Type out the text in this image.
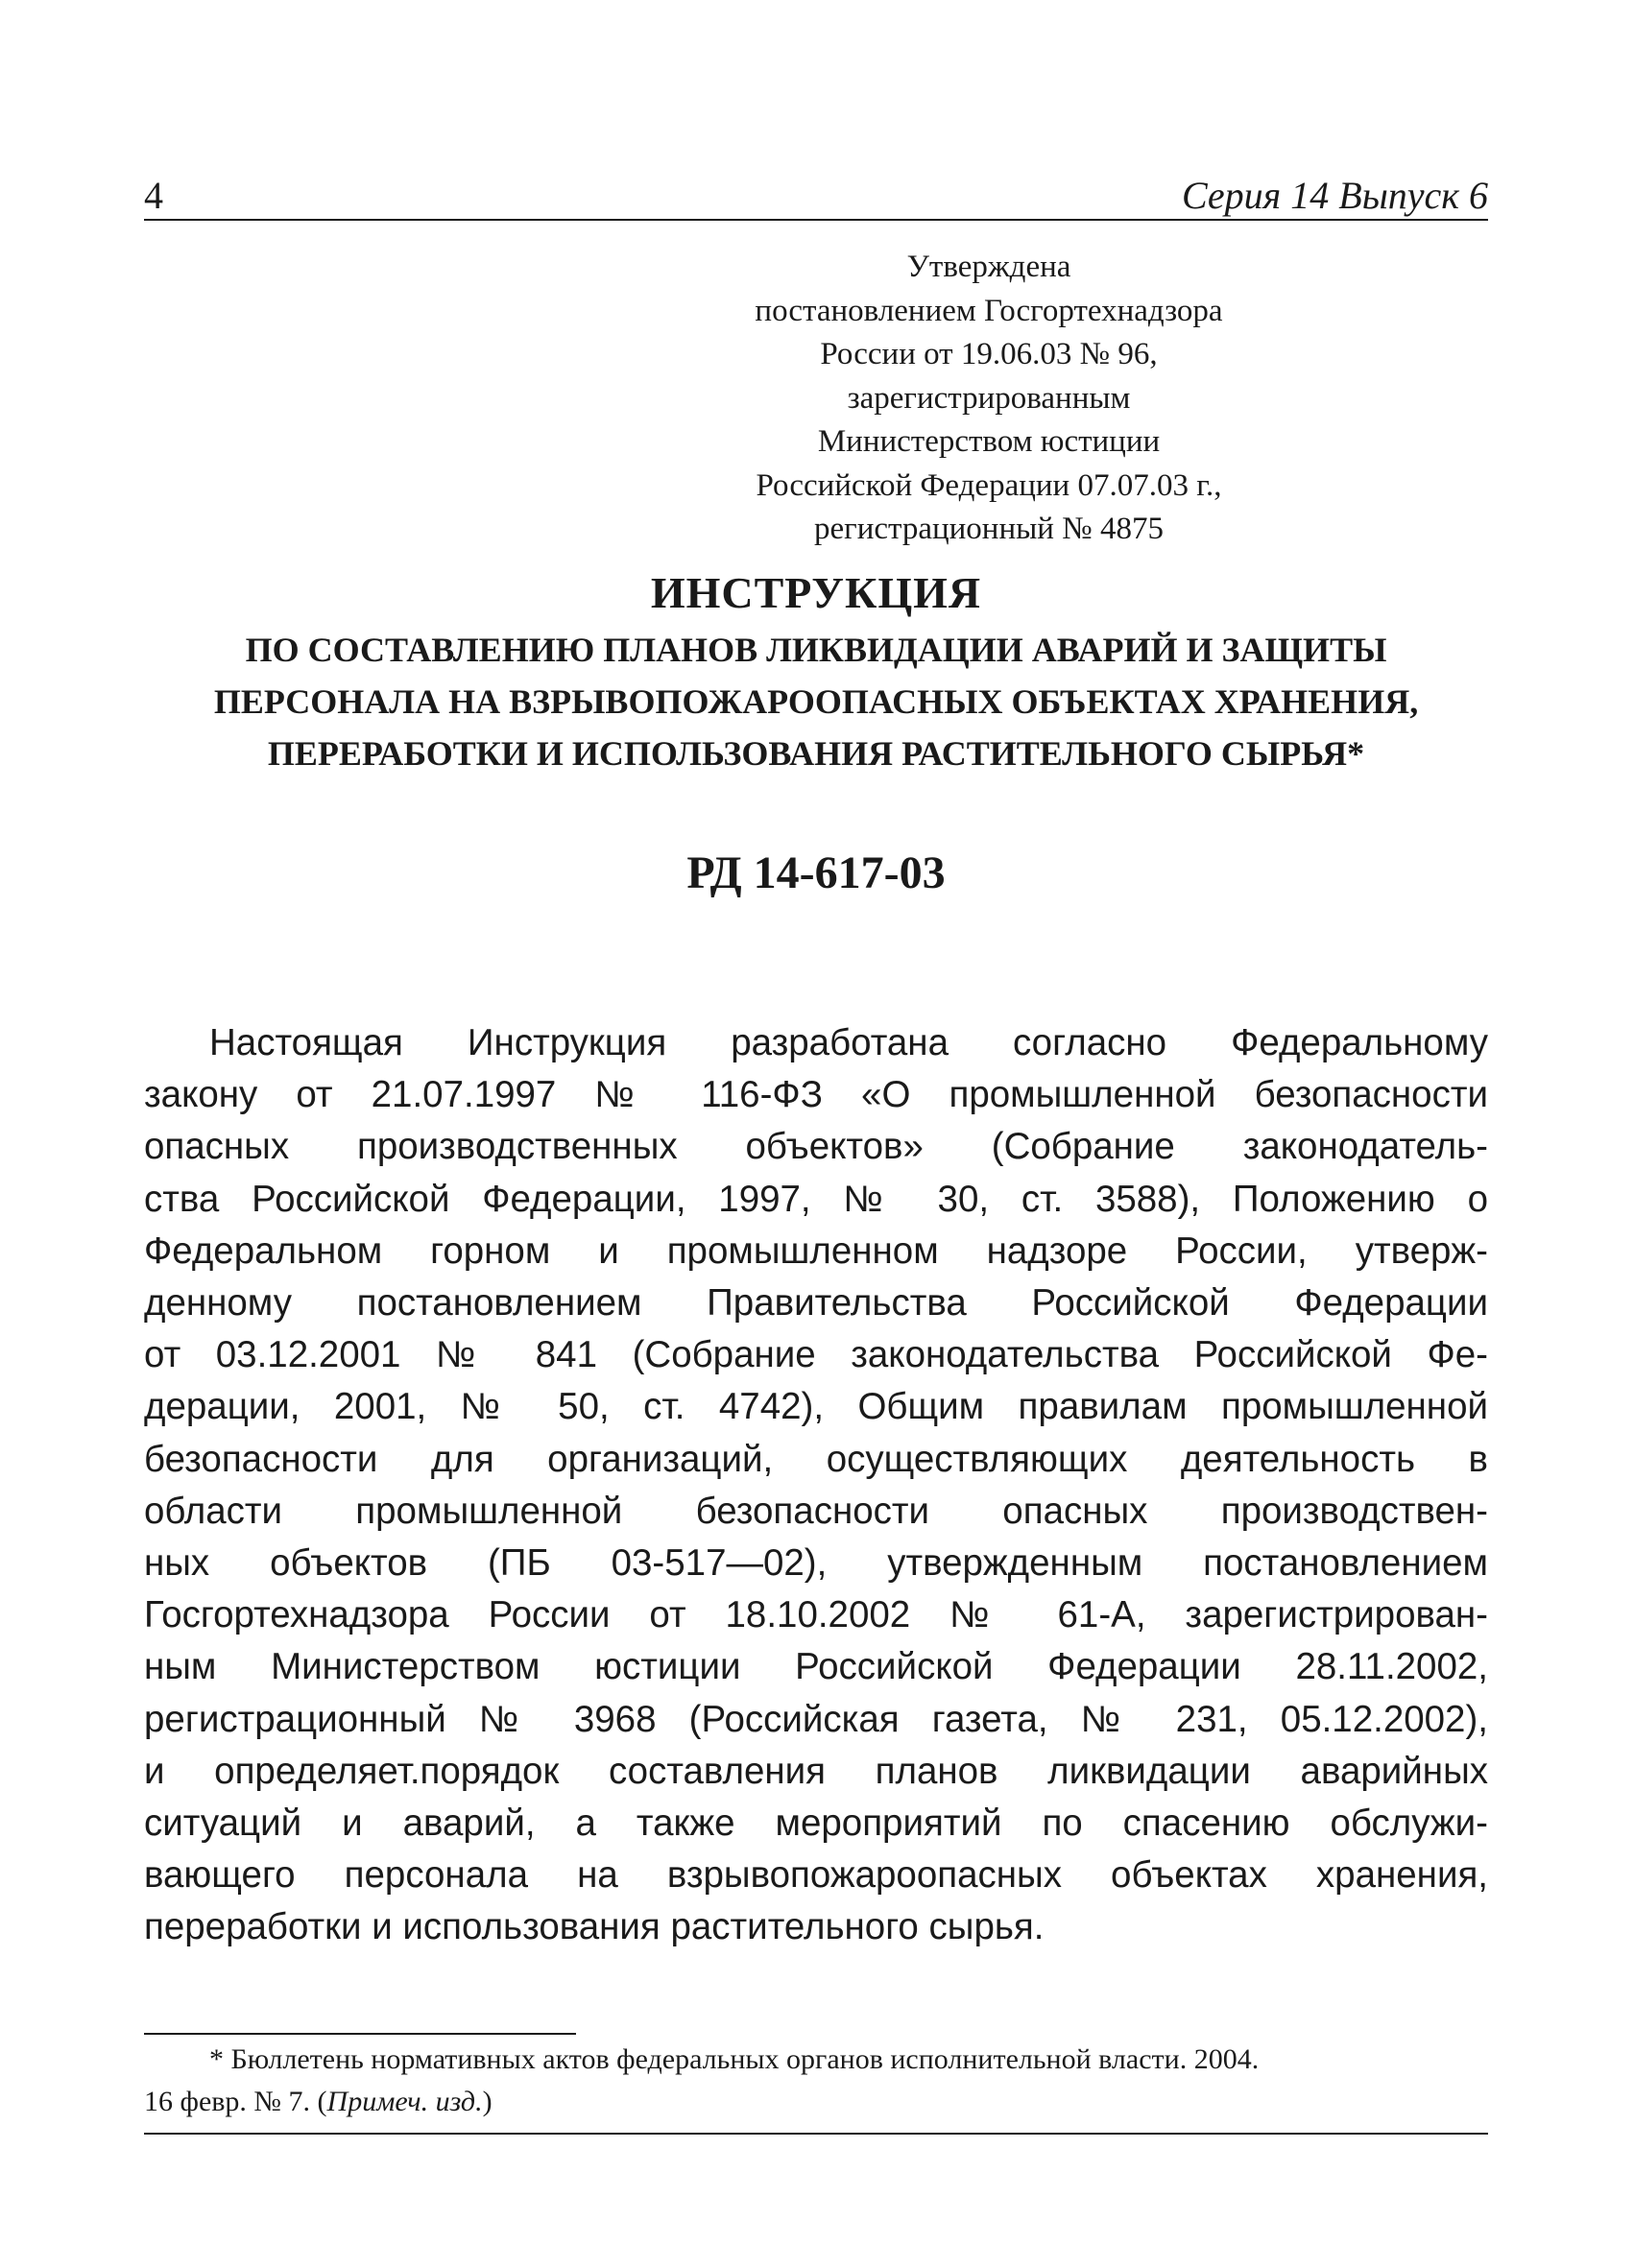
4	Серия 14 Выпуск 6
Утверждена
постановлением Госгортехнадзора
России от 19.06.03 № 96,
зарегистрированным
Министерством юстиции
Российской Федерации 07.07.03 г.,
регистрационный № 4875
ИНСТРУКЦИЯ
ПО СОСТАВЛЕНИЮ ПЛАНОВ ЛИКВИДАЦИИ АВАРИЙ И ЗАЩИТЫ
ПЕРСОНАЛА НА ВЗРЫВОПОЖАРООПАСНЫХ ОБЪЕКТАХ ХРАНЕНИЯ,
ПЕРЕРАБОТКИ И ИСПОЛЬЗОВАНИЯ РАСТИТЕЛЬНОГО СЫРЬЯ*
РД 14-617-03
Настоящая Инструкция разработана согласно Федеральному
закону от 21.07.1997 № 116-ФЗ «О промышленной безопасности
опасных производственных объектов» (Собрание законодатель-
ства Российской Федерации, 1997, № 30, ст. 3588), Положению о
Федеральном горном и промышленном надзоре России, утверж-
денному постановлением Правительства Российской Федерации
от 03.12.2001 № 841 (Собрание законодательства Российской Фе-
дерации, 2001, № 50, ст. 4742), Общим правилам промышленной
безопасности для организаций, осуществляющих деятельность в
области промышленной безопасности опасных производствен-
ных объектов (ПБ 03-517—02), утвержденным постановлением
Госгортехнадзора России от 18.10.2002 № 61-А, зарегистрирован-
ным Министерством юстиции Российской Федерации 28.11.2002,
регистрационный № 3968 (Российская газета, № 231, 05.12.2002),
и определяет.порядок составления планов ликвидации аварийных
ситуаций и аварий, а также мероприятий по спасению обслужи-
вающего персонала на взрывопожароопасных объектах хранения,
переработки и использования растительного сырья.
* Бюллетень нормативных актов федеральных органов исполнительной власти. 2004.
16 февр. № 7. (Примеч. изд.)
